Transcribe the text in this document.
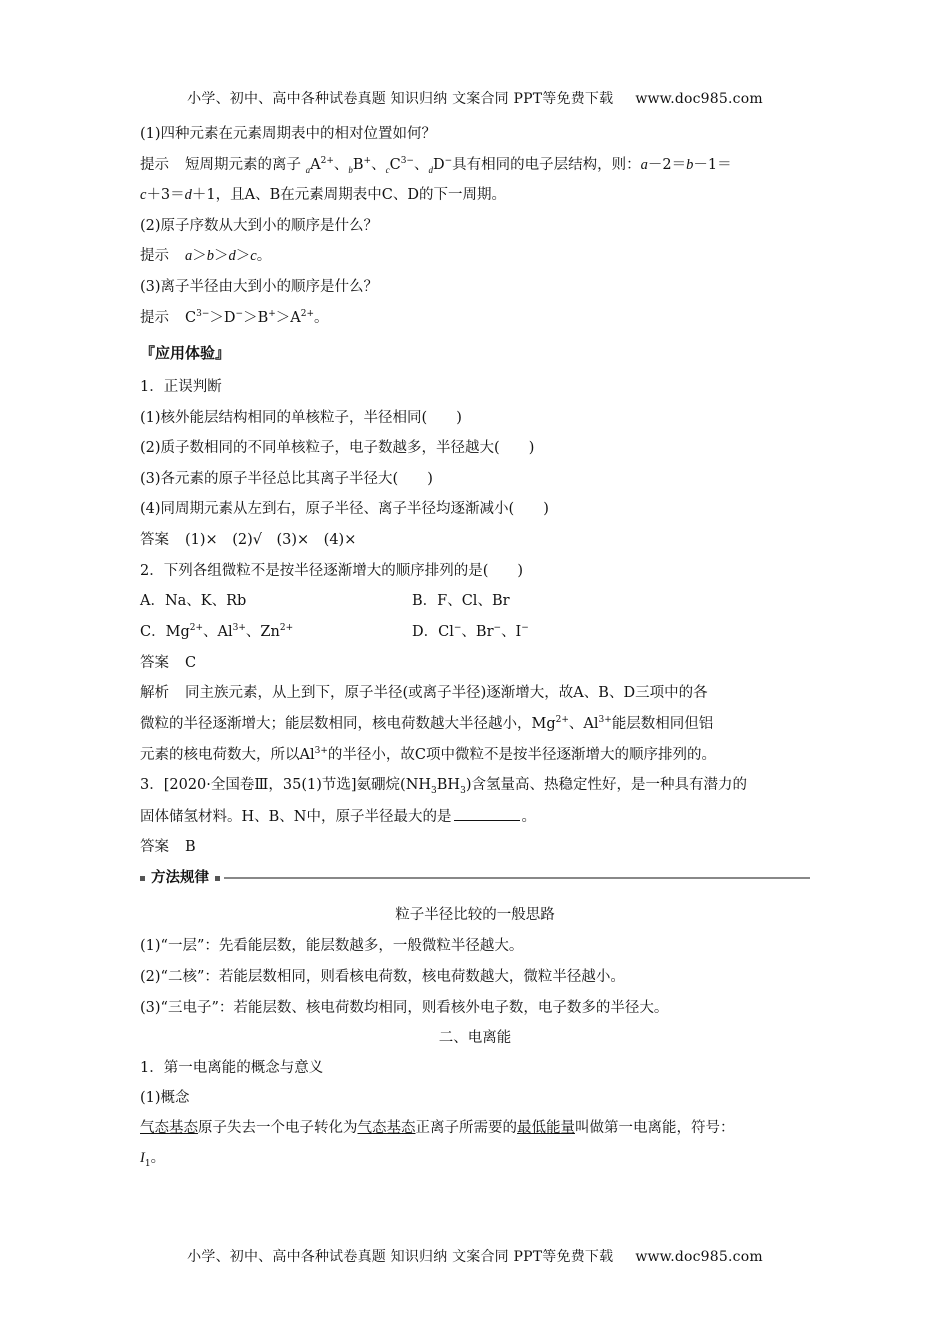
小学、初中、高中各种试卷真题 知识归纳 文案合同 PPT等免费下载 www.doc985.com
(1)四种元素在元素周期表中的相对位置如何？
提示 短周期元素的离子 $_aA^{2+}$、$_b$B+、$_cC^{3-}$、$_d$D−具有相同的电子层结构，则：a－2＝b－1＝
c＋3＝d＋1，且A、B在元素周期表中C、D的下一周期。
(2)原子序数从大到小的顺序是什么？
提示 a＞b＞d＞c。
(3)离子半径由大到小的顺序是什么？
提示 $C^{3-}>D^->B^+>A^{2+}$。
『应用体验』
1．正误判断
(1)核外能层结构相同的单核粒子，半径相同(　　)
(2)质子数相同的不同单核粒子，电子数越多，半径越大(　　)
(3)各元素的原子半径总比其离子半径大(　　)
(4)同周期元素从左到右，原子半径、离子半径均逐渐减小(　　)
答案 (1)×　(2)√　(3)×　(4)×
2．下列各组微粒不是按半径逐渐增大的顺序排列的是(　　)
A．Na、K、Rb	B．F、Cl、Br
C．$Mg^{2+}$、$Al^{3+}$、$Zn^{2+}$	D．Cl−、Br−、I−
答案 C
解析 同主族元素，从上到下，原子半径(或离子半径)逐渐增大，故A、B、D三项中的各
微粒的半径逐渐增大；能层数相同，核电荷数越大半径越小，$Mg^{2+}$、$Al^{3+}$能层数相同但铝
元素的核电荷数大，所以$Al^{3+}$的半径小，故C项中微粒不是按半径逐渐增大的顺序排列的。
3．[2020·全国卷Ⅲ，35(1)节选]氨硼烷$(NH_3BH_3)$含氢量高、热稳定性好，是一种具有潜力的
固体储氢材料。H、B、N中，原子半径最大的是	。
答案 B
方法规律
粒子半径比较的一般思路
(1)“一层”：先看能层数，能层数越多，一般微粒半径越大。
(2)“二核”：若能层数相同，则看核电荷数，核电荷数越大，微粒半径越小。
(3)“三电子”：若能层数、核电荷数均相同，则看核外电子数，电子数多的半径大。
二、电离能
1．第一电离能的概念与意义
(1)概念
气态基态原子失去一个电子转化为气态基态正离子所需要的最低能量叫做第一电离能，符号：
$I_1$。
小学、初中、高中各种试卷真题 知识归纳 文案合同 PPT等免费下载 www.doc985.com
